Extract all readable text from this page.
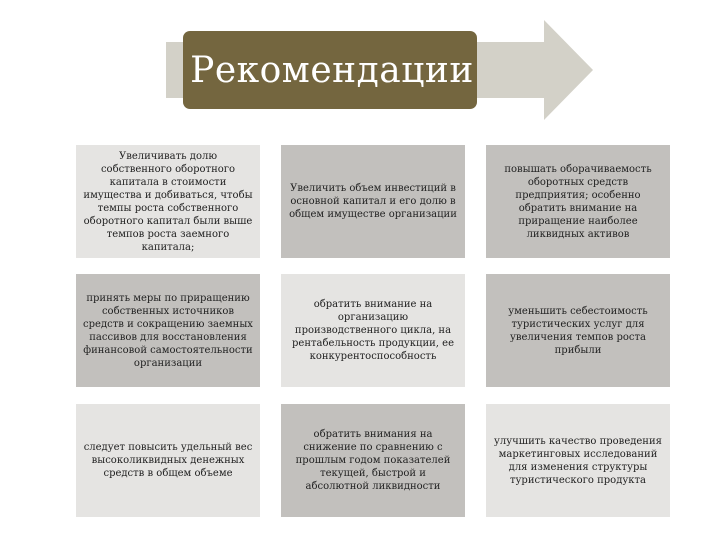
Рекомендации
Увеличивать долю собственного оборотного капитала в стоимости имущества и добиваться, чтобы темпы роста собственного оборотного капитал были выше темпов роста заемного капитала;
Увеличить объем инвестиций в основной капитал и его долю в общем имуществе организации
повышать оборачиваемость оборотных средств предприятия; особенно обратить внимание на приращение наиболее ликвидных активов
принять меры по приращению собственных источников средств и сокращению заемных пассивов для восстановления финансовой самостоятельности организации
обратить внимание на организацию производственного цикла, на рентабельность продукции, ее конкурентоспособность
уменьшить себестоимость туристических услуг для увеличения темпов роста прибыли
следует повысить удельный вес высоколиквидных денежных средств в общем объеме
обратить внимания на снижение по сравнению с прошлым годом показателей текущей, быстрой и абсолютной ликвидности
улучшить качество проведения маркетинговых исследований для изменения структуры туристического продукта
